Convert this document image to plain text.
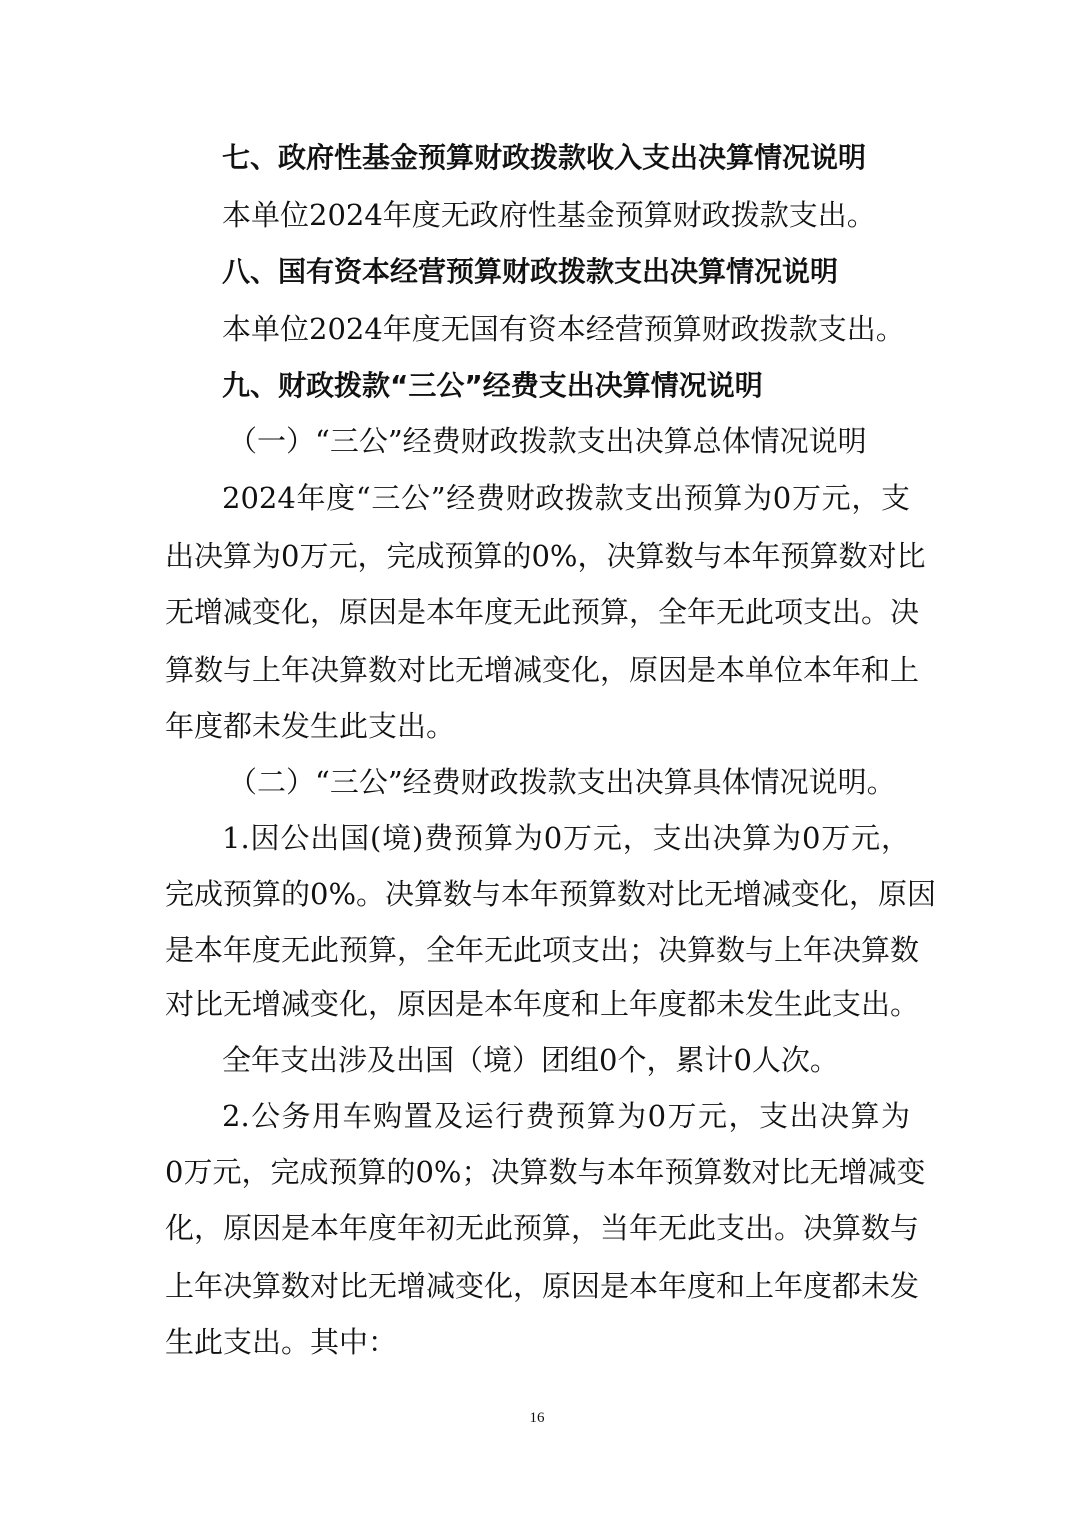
七、政府性基金预算财政拨款收入支出决算情况说明
本单位2024年度无政府性基金预算财政拨款支出。
八、国有资本经营预算财政拨款支出决算情况说明
本单位2024年度无国有资本经营预算财政拨款支出。
九、财政拨款“三公”经费支出决算情况说明
（一）“三公”经费财政拨款支出决算总体情况说明
2024年度“三公”经费财政拨款支出预算为0万元，支
出决算为0万元，完成预算的0%，决算数与本年预算数对比
无增减变化，原因是本年度无此预算，全年无此项支出。决
算数与上年决算数对比无增减变化，原因是本单位本年和上
年度都未发生此支出。
（二）“三公”经费财政拨款支出决算具体情况说明。
1.因公出国(境)费预算为0万元，支出决算为0万元，
完成预算的0%。决算数与本年预算数对比无增减变化，原因
是本年度无此预算，全年无此项支出；决算数与上年决算数
对比无增减变化，原因是本年度和上年度都未发生此支出。
全年支出涉及出国（境）团组0个，累计0人次。
2.公务用车购置及运行费预算为0万元，支出决算为
0万元，完成预算的0%；决算数与本年预算数对比无增减变
化，原因是本年度年初无此预算，当年无此支出。决算数与
上年决算数对比无增减变化，原因是本年度和上年度都未发
生此支出。其中：
16
